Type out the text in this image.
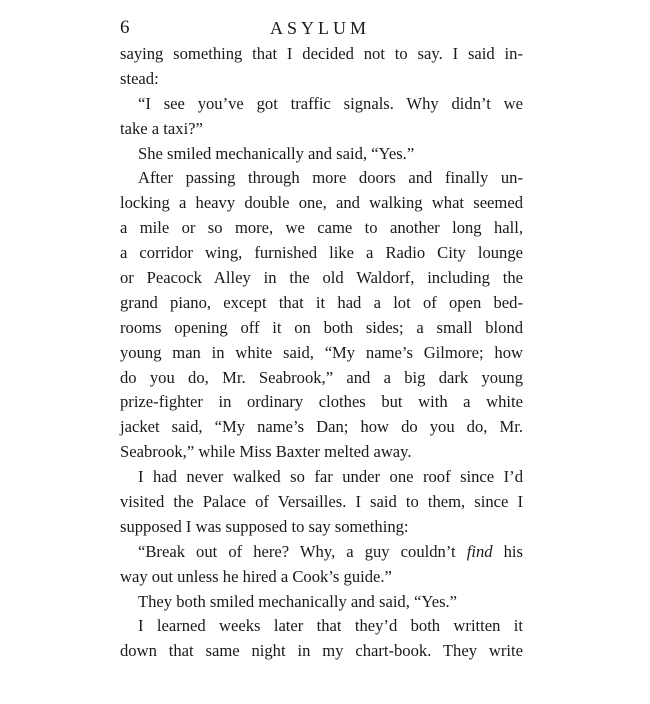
6	ASYLUM
saying something that I decided not to say. I said in-
stead:
“I see you’ve got traffic signals. Why didn’t we
take a taxi?”
She smiled mechanically and said, “Yes.”
After passing through more doors and finally un-
locking a heavy double one, and walking what seemed
a mile or so more, we came to another long hall,
a corridor wing, furnished like a Radio City lounge
or Peacock Alley in the old Waldorf, including the
grand piano, except that it had a lot of open bed-
rooms opening off it on both sides; a small blond
young man in white said, “My name’s Gilmore; how
do you do, Mr. Seabrook,” and a big dark young
prize-fighter in ordinary clothes but with a white
jacket said, “My name’s Dan; how do you do, Mr.
Seabrook,” while Miss Baxter melted away.
I had never walked so far under one roof since I’d
visited the Palace of Versailles. I said to them, since I
supposed I was supposed to say something:
“Break out of here? Why, a guy couldn’t find his
way out unless he hired a Cook’s guide.”
They both smiled mechanically and said, “Yes.”
I learned weeks later that they’d both written it
down that same night in my chart-book. They write
